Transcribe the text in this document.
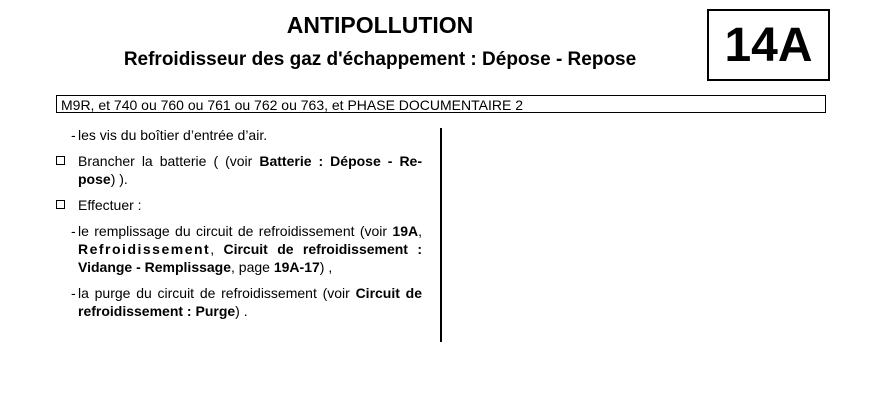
ANTIPOLLUTION
Refroidisseur des gaz d'échappement : Dépose - Repose	14A
M9R, et 740 ou 760 ou 761 ou 762 ou 763, et PHASE DOCUMENTAIRE 2
- les vis du boîtier d’entrée d’air.
Brancher la batterie ( (voir Batterie : Dépose - Re-pose) ).
Effectuer :
- le remplissage du circuit de refroidissement (voir 19A, Refroidissement, Circuit de refroidissement : Vidange - Remplissage, page 19A-17) ,
- la purge du circuit de refroidissement (voir Circuit de refroidissement : Purge) .
